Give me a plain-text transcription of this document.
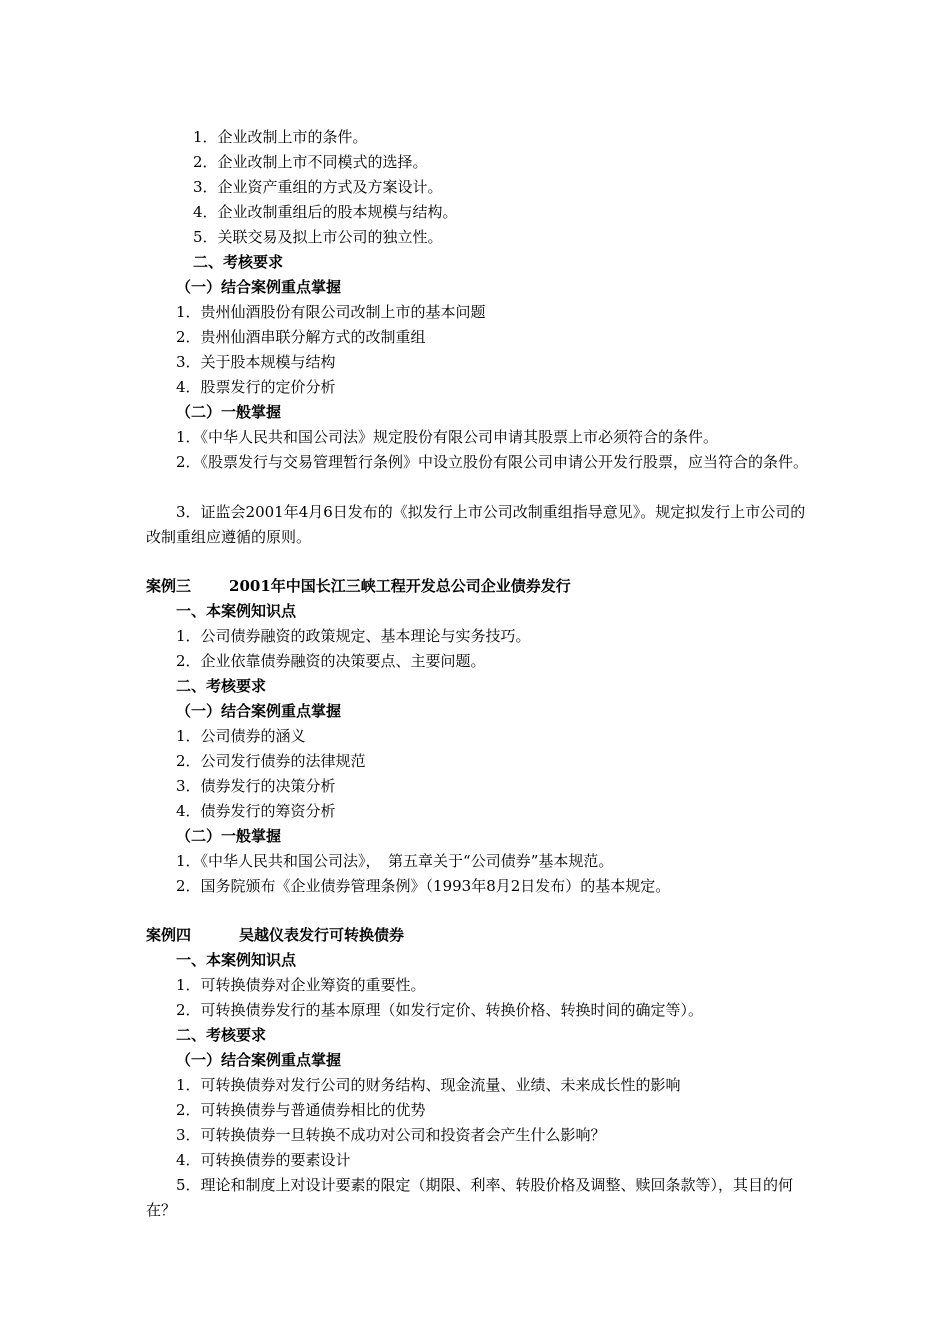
1．企业改制上市的条件。
2．企业改制上市不同模式的选择。
3．企业资产重组的方式及方案设计。
4．企业改制重组后的股本规模与结构。
5．关联交易及拟上市公司的独立性。
二、考核要求
（一）结合案例重点掌握
1．贵州仙酒股份有限公司改制上市的基本问题
2．贵州仙酒串联分解方式的改制重组
3．关于股本规模与结构
4．股票发行的定价分析
（二）一般掌握
1．《中华人民共和国公司法》规定股份有限公司申请其股票上市必须符合的条件。
2．《股票发行与交易管理暂行条例》中设立股份有限公司申请公开发行股票，应当符合的条件。
3．证监会2001年4月6日发布的《拟发行上市公司改制重组指导意见》。规定拟发行上市公司的改制重组应遵循的原则。
案例三	2001年中国长江三峡工程开发总公司企业债券发行
一、本案例知识点
1．公司债券融资的政策规定、基本理论与实务技巧。
2．企业依靠债券融资的决策要点、主要问题。
二、考核要求
（一）结合案例重点掌握
1．公司债券的涵义
2．公司发行债券的法律规范
3．债券发行的决策分析
4．债券发行的筹资分析
（二）一般掌握
1．《中华人民共和国公司法》，　第五章关于“公司债券”基本规范。
2．国务院颁布《企业债券管理条例》（1993年8月2日发布）的基本规定。
案例四	吴越仪表发行可转换债券
一、本案例知识点
1．可转换债券对企业筹资的重要性。
2．可转换债券发行的基本原理（如发行定价、转换价格、转换时间的确定等）。
二、考核要求
（一）结合案例重点掌握
1．可转换债券对发行公司的财务结构、现金流量、业绩、未来成长性的影响
2．可转换债券与普通债券相比的优势
3．可转换债券一旦转换不成功对公司和投资者会产生什么影响？
4．可转换债券的要素设计
5．理论和制度上对设计要素的限定（期限、利率、转股价格及调整、赎回条款等），其目的何在？
